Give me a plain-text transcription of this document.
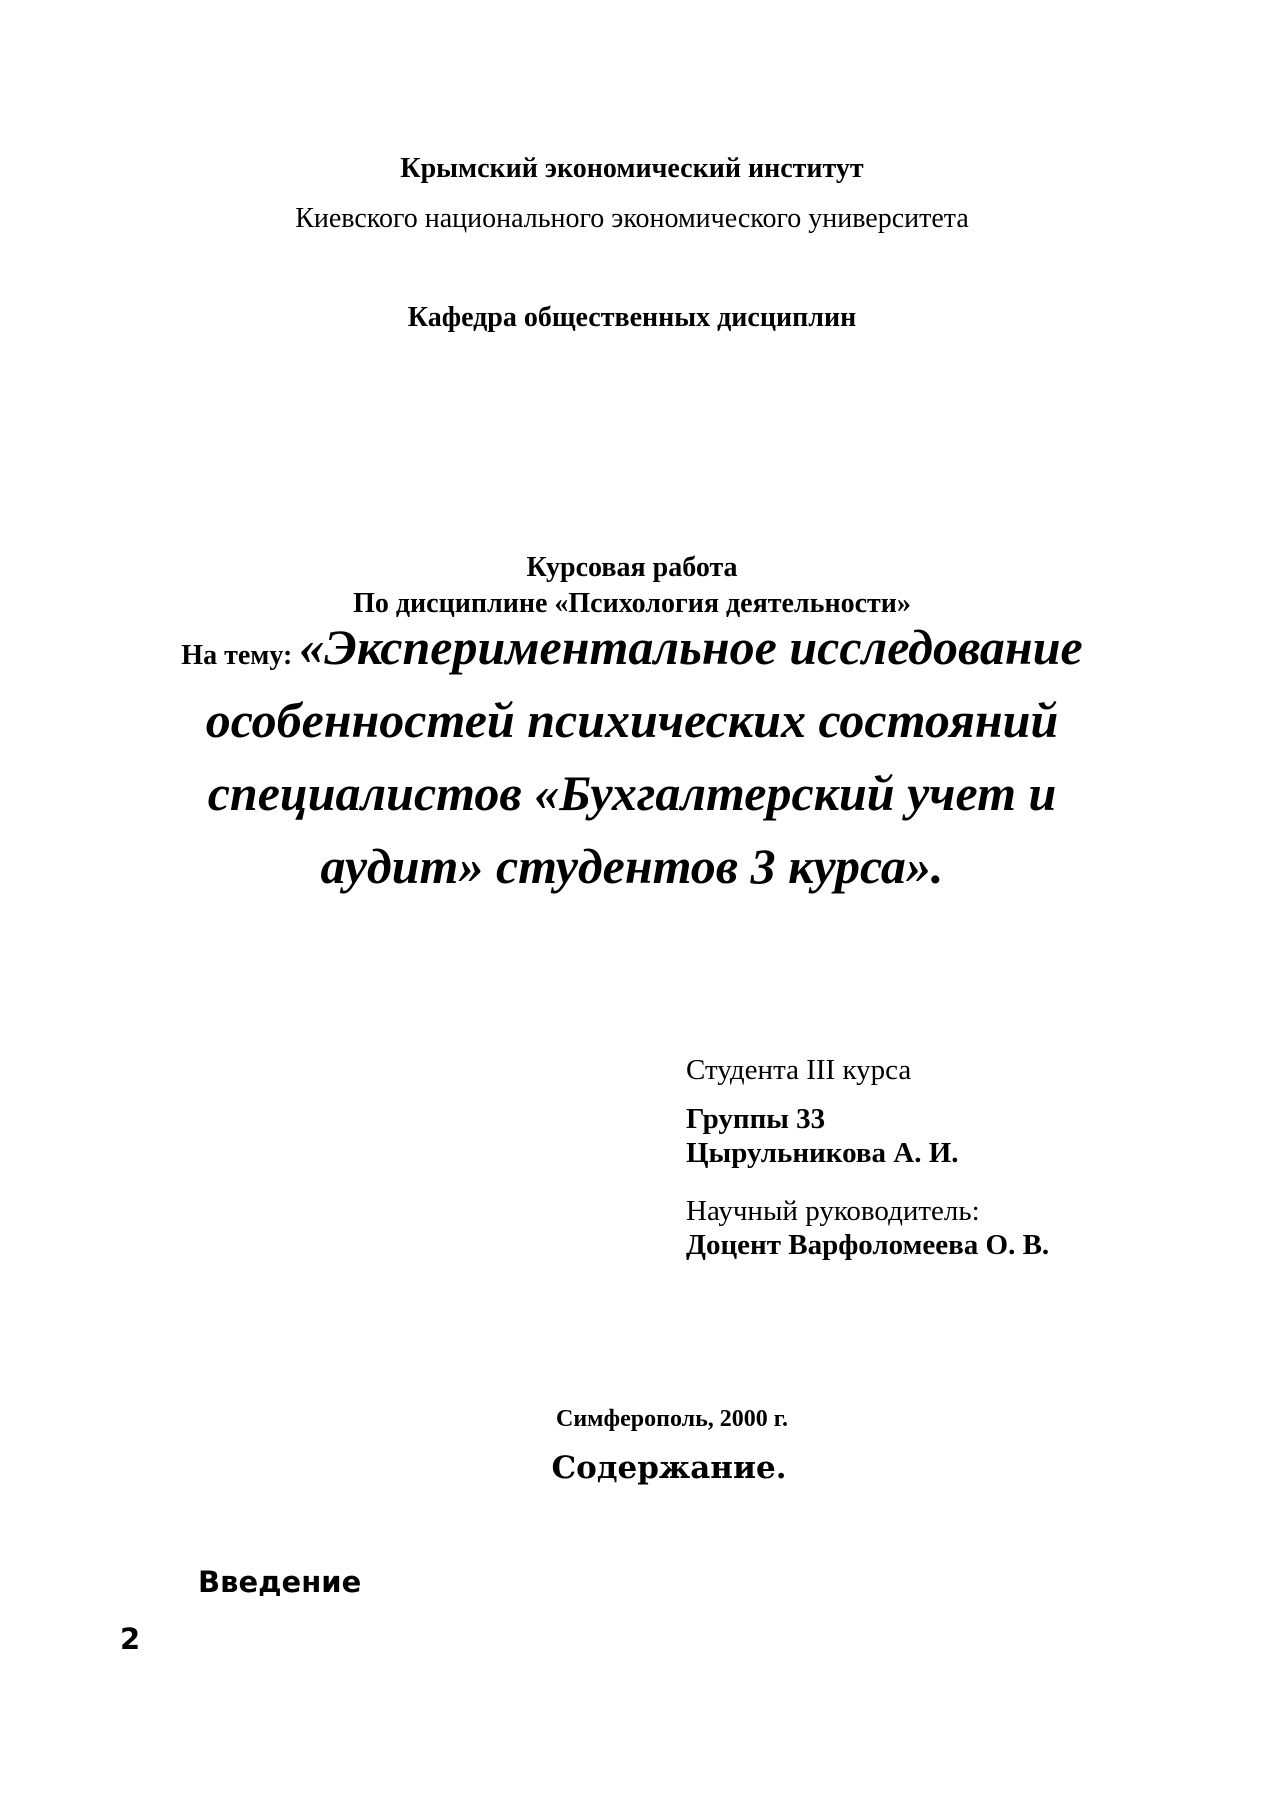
Крымский экономический институт
Киевского национального экономического университета
Кафедра общественных дисциплин
Курсовая работа
По дисциплине «Психология деятельности»
На тему: «Экспериментальное исследование особенностей психических состояний специалистов «Бухгалтерский учет и аудит» студентов 3 курса».
Студента III курса
Группы 33
Цырульникова А. И.
Научный руководитель:
Доцент Варфоломеева О. В.
Симферополь, 2000 г.
Содержание.
Введение
2
